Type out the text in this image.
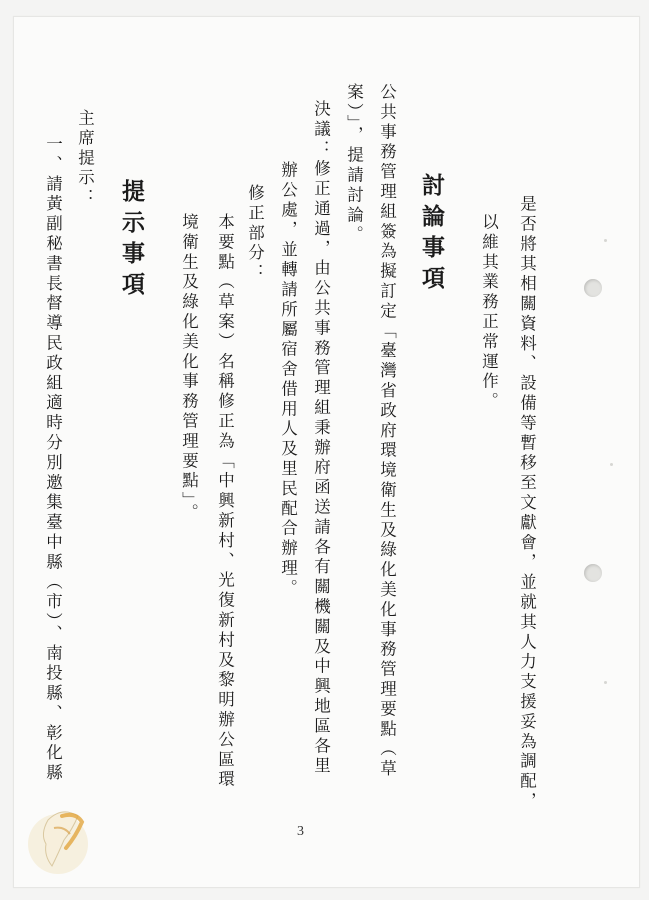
是否將其相關資料、設備等暫移至文獻會，並就其人力支援妥為調配，
以維其業務正常運作。
討論事項
公共事務管理組簽為擬訂定「臺灣省政府環境衛生及綠化美化事務管理要點（草
案）」，提請討論。
決議：修正通過，由公共事務管理組秉辦府函送請各有關機關及中興地區各里
辦公處，並轉請所屬宿舍借用人及里民配合辦理。
修正部分：
本要點（草案）名稱修正為「中興新村、光復新村及黎明辦公區環
境衛生及綠化美化事務管理要點」。
提示事項
主席提示：
一、請黃副秘書長督導民政組適時分別邀集臺中縣（市）、南投縣、彰化縣
3
